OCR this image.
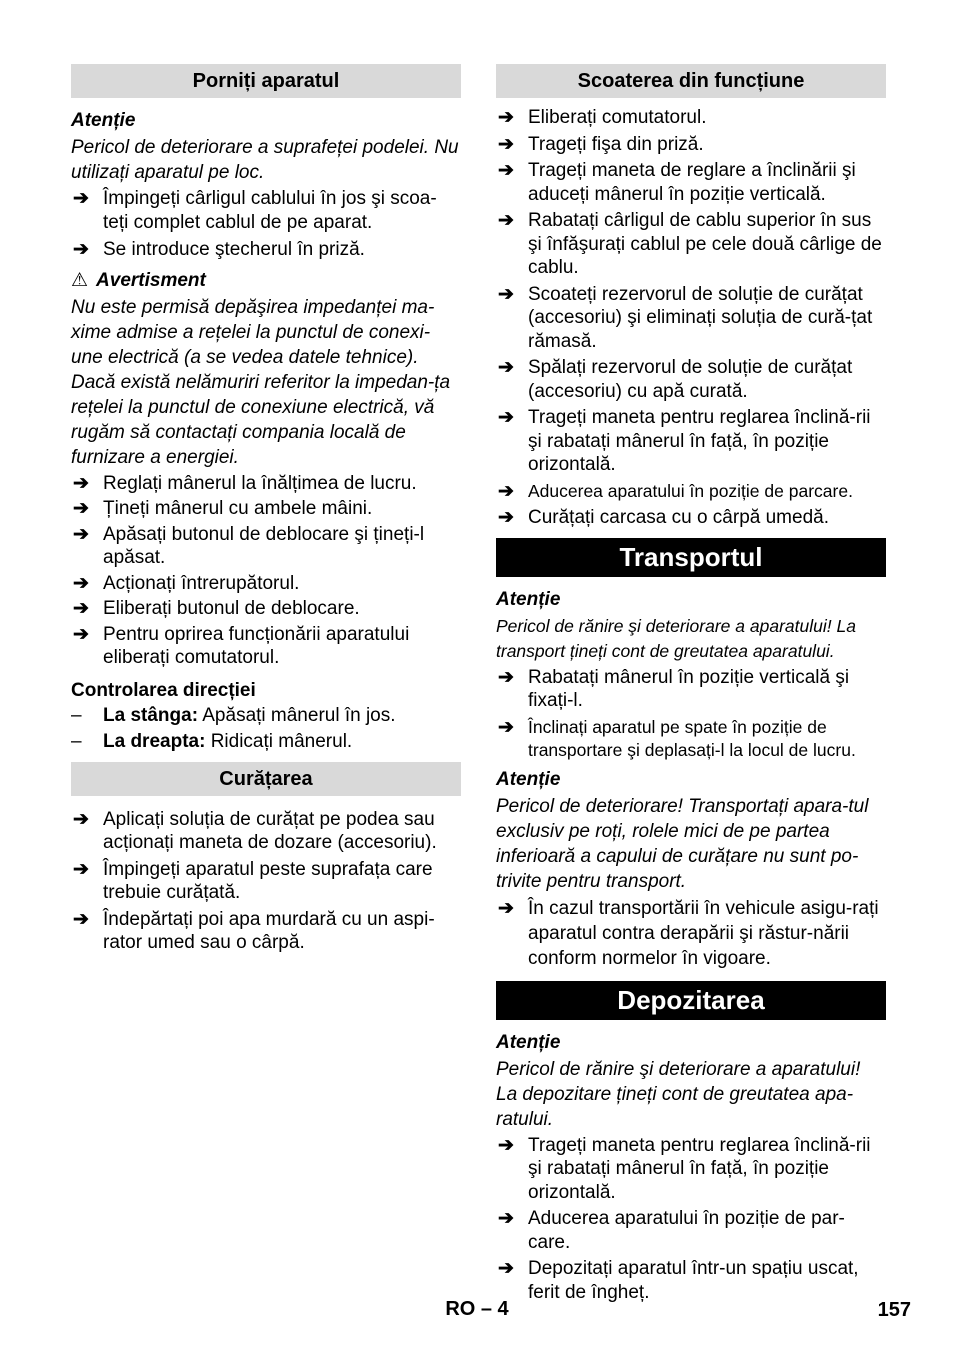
Porniți aparatul

Atenție

Pericol de deteriorare a suprafeței podelei. Nu utilizați aparatul pe loc.

➔ Împingeți cârligul cablului în jos şi scoa-teți complet cablul de pe aparat.
➔ Se introduce ştecherul în priză.

⚠ Avertisment

Nu este permisă depăşirea impedanței ma-xime admise a rețelei la punctul de conexi-une electrică (a se vedea datele tehnice). Dacă există nelămuriri referitor la impedan-ța rețelei la punctul de conexiune electrică, vă rugăm să contactați compania locală de furnizare a energiei.

➔ Reglați mânerul la înălțimea de lucru.
➔ Țineți mânerul cu ambele mâini.
➔ Apăsați butonul de deblocare şi țineți-l apăsat.
➔ Acționați întrerupătorul.
➔ Eliberați butonul de deblocare.
➔ Pentru oprirea funcționării aparatului eliberați comutatorul.

Controlarea direcției

– La stânga: Apăsați mânerul în jos.
– La dreapta: Ridicați mânerul.
Curățarea
➔ Aplicați soluția de curățat pe podea sau acționați maneta de dozare (accesoriu).
➔ Împingeți aparatul peste suprafața care trebuie curățată.
➔ Îndepărtați poi apa murdară cu un aspi-rator umed sau o cârpă.
Scoaterea din funcțiune
➔ Eliberați comutatorul.
➔ Trageți fişa din priză.
➔ Trageți maneta de reglare a înclinării şi aduceți mânerul în poziție verticală.
➔ Rabatați cârligul de cablu superior în sus şi înfăşurați cablul pe cele două cârlige de cablu.
➔ Scoateți rezervorul de soluție de curățat (accesoriu) şi eliminați soluția de cură-țat rămasă.
➔ Spălați rezervorul de soluție de curățat (accesoriu) cu apă curată.
➔ Trageți maneta pentru reglarea înclină-rii şi rabatați mânerul în față, în poziție orizontală.
➔ Aducerea aparatului în poziție de parcare.
➔ Curățați carcasa cu o cârpă umedă.
Transportul

Atenție

Pericol de rănire şi deteriorare a aparatului! La transport țineți cont de greutatea aparatului.

➔ Rabatați mânerul în poziție verticală şi fixați-l.
➔ Înclinați aparatul pe spate în poziție de transportare şi deplasați-l la locul de lucru.

Atenție

Pericol de deteriorare! Transportați apara-tul exclusiv pe roți, rolele mici de pe partea inferioară a capului de curățare nu sunt po-trivite pentru transport.

➔ În cazul transportării în vehicule asigu-rați aparatul contra derapării şi răstur-nării conform normelor în vigoare.
Depozitarea

Atenție

Pericol de rănire şi deteriorare a aparatului! La depozitare țineți cont de greutatea apa-ratului.

➔ Trageți maneta pentru reglarea înclină-rii şi rabatați mânerul în față, în poziție orizontală.
➔ Aducerea aparatului în poziție de par-care.
➔ Depozitați aparatul într-un spațiu uscat, ferit de îngheț.
RO – 4	157
